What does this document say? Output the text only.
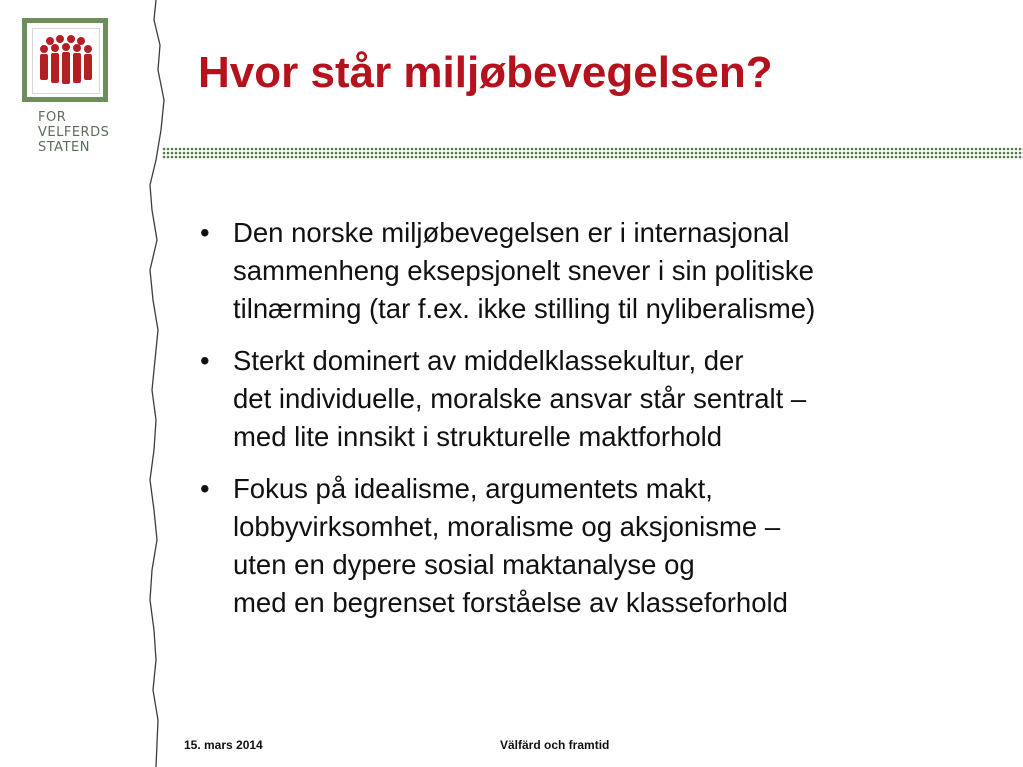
FOR
VELFERDS
STATEN
Hvor står miljøbevegelsen?
• Den norske miljøbevegelsen er i internasjonal
sammenheng eksepsjonelt snever i sin politiske
tilnærming (tar f.ex. ikke stilling til nyliberalisme)
• Sterkt dominert av middelklassekultur, der
det individuelle, moralske ansvar står sentralt –
med lite innsikt i strukturelle maktforhold
• Fokus på idealisme, argumentets makt,
lobbyvirksomhet, moralisme og aksjonisme –
uten en dypere sosial maktanalyse og
med en begrenset forståelse av klasseforhold
15. mars 2014	Välfärd och framtid
